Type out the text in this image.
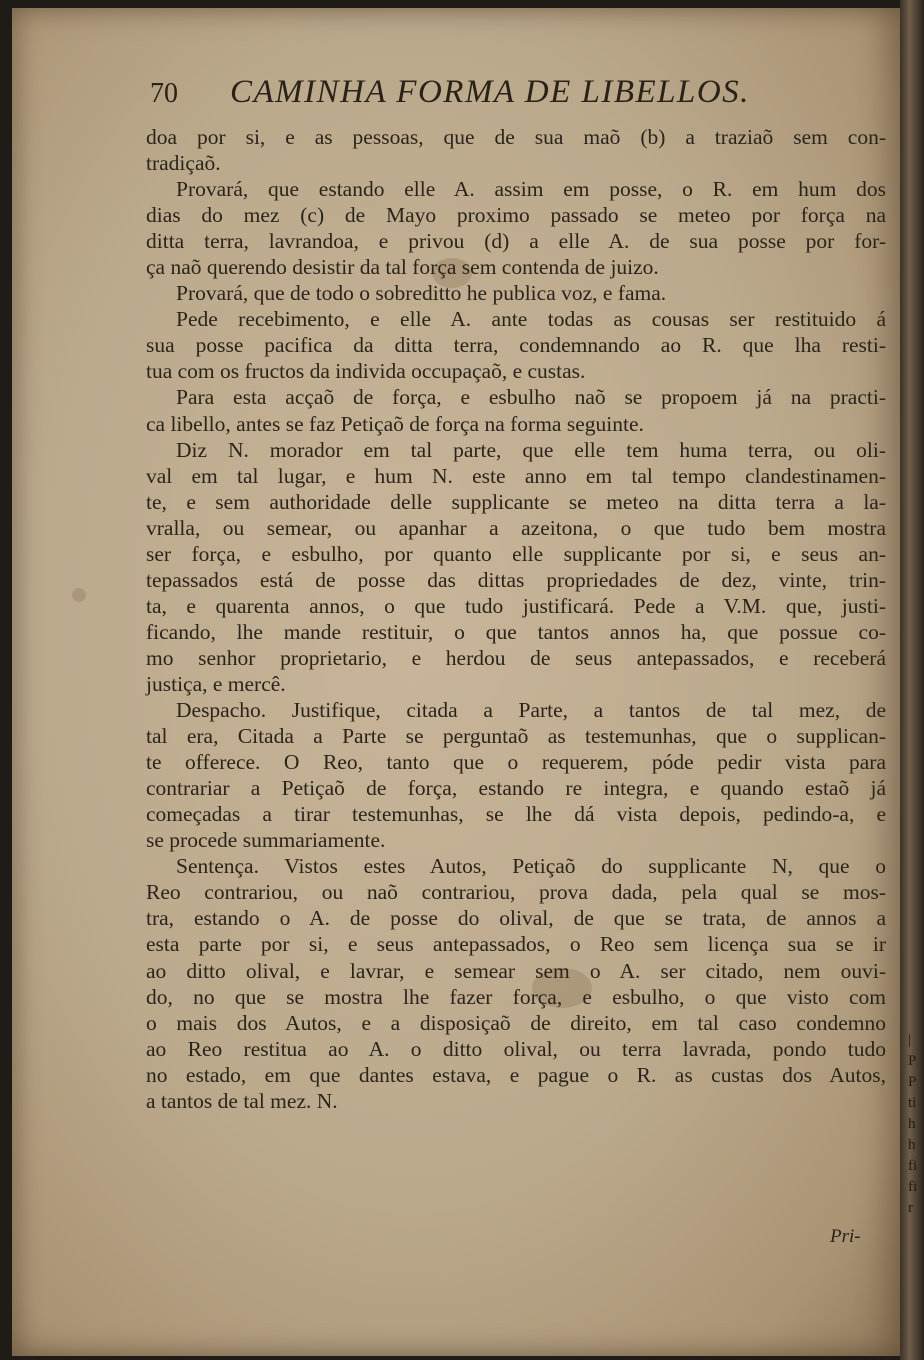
|
P
P
ti
h
h
fi
fi
r
70 CAMINHA FORMA DE LIBELLOS.
doa por si, e as pessoas, que de sua maõ (b) a traziaõ sem con-
tradiçaõ.
Provará, que estando elle A. assim em posse, o R. em hum dos
dias do mez (c) de Mayo proximo passado se meteo por força na
ditta terra, lavrandoa, e privou (d) a elle A. de sua posse por for-
ça naõ querendo desistir da tal força sem contenda de juizo.
Provará, que de todo o sobreditto he publica voz, e fama.
Pede recebimento, e elle A. ante todas as cousas ser restituido á
sua posse pacifica da ditta terra, condemnando ao R. que lha resti-
tua com os fructos da individa occupaçaõ, e custas.
Para esta acçaõ de força, e esbulho naõ se propoem já na practi-
ca libello, antes se faz Petiçaõ de força na forma seguinte.
Diz N. morador em tal parte, que elle tem huma terra, ou oli-
val em tal lugar, e hum N. este anno em tal tempo clandestinamen-
te, e sem authoridade delle supplicante se meteo na ditta terra a la-
vralla, ou semear, ou apanhar a azeitona, o que tudo bem mostra
ser força, e esbulho, por quanto elle supplicante por si, e seus an-
tepassados está de posse das dittas propriedades de dez, vinte, trin-
ta, e quarenta annos, o que tudo justificará. Pede a V.M. que, justi-
ficando, lhe mande restituir, o que tantos annos ha, que possue co-
mo senhor proprietario, e herdou de seus antepassados, e receberá
justiça, e mercê.
Despacho. Justifique, citada a Parte, a tantos de tal mez, de
tal era, Citada a Parte se perguntaõ as testemunhas, que o supplican-
te offerece. O Reo, tanto que o requerem, póde pedir vista para
contrariar a Petiçaõ de força, estando re integra, e quando estaõ já
começadas a tirar testemunhas, se lhe dá vista depois, pedindo-a, e
se procede summariamente.
Sentença. Vistos estes Autos, Petiçaõ do supplicante N, que o
Reo contrariou, ou naõ contrariou, prova dada, pela qual se mos-
tra, estando o A. de posse do olival, de que se trata, de annos a
esta parte por si, e seus antepassados, o Reo sem licença sua se ir
ao ditto olival, e lavrar, e semear sem o A. ser citado, nem ouvi-
do, no que se mostra lhe fazer força, e esbulho, o que visto com
o mais dos Autos, e a disposiçaõ de direito, em tal caso condemno
ao Reo restitua ao A. o ditto olival, ou terra lavrada, pondo tudo
no estado, em que dantes estava, e pague o R. as custas dos Autos,
a tantos de tal mez. N.
Pri-
